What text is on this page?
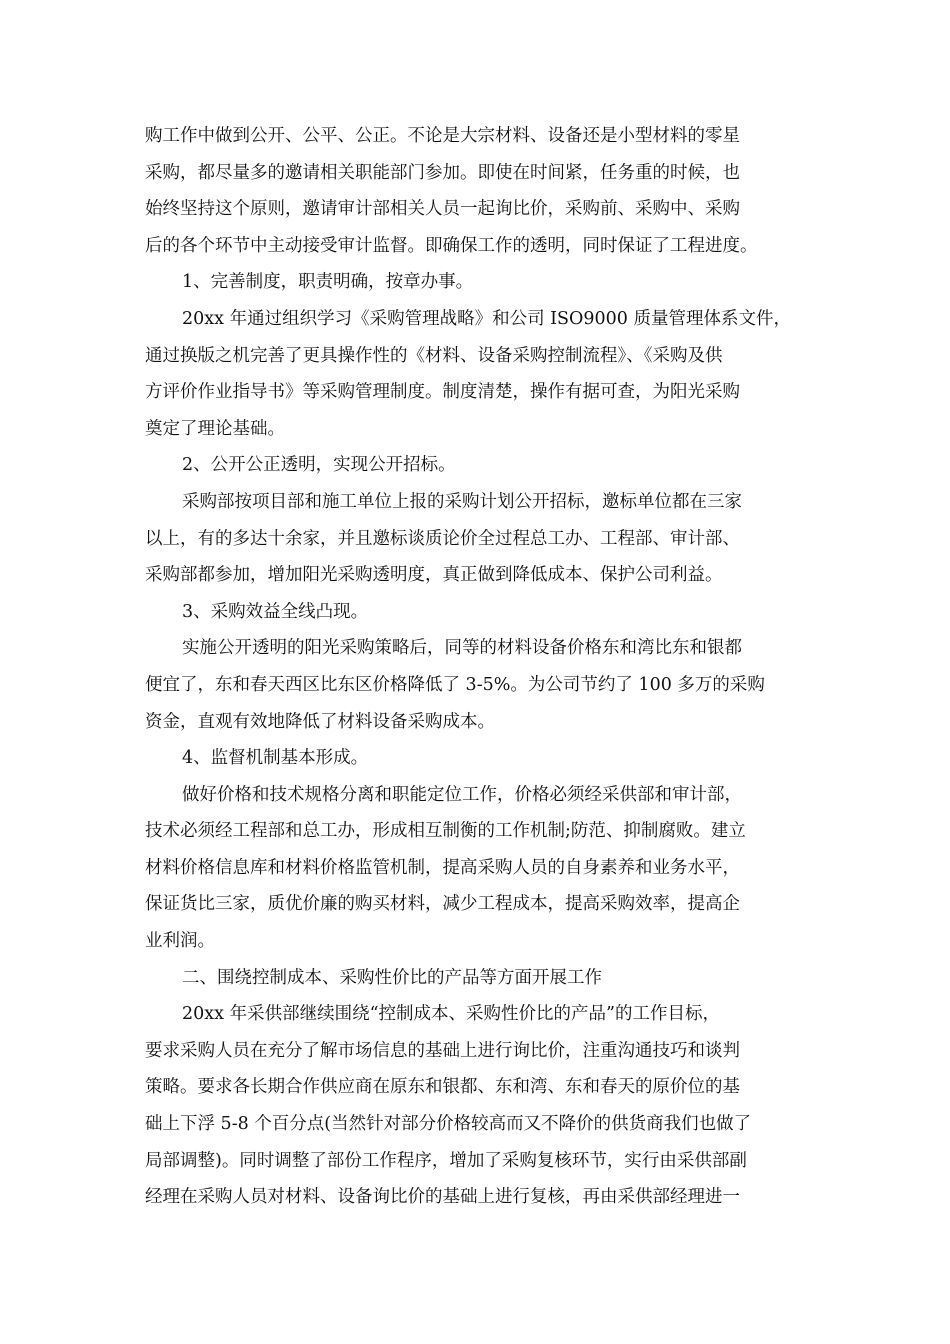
购工作中做到公开、公平、公正。不论是大宗材料、设备还是小型材料的零星
采购，都尽量多的邀请相关职能部门参加。即使在时间紧，任务重的时候，也
始终坚持这个原则，邀请审计部相关人员一起询比价，采购前、采购中、采购
后的各个环节中主动接受审计监督。即确保工作的透明，同时保证了工程进度。
1、完善制度，职责明确，按章办事。
20xx 年通过组织学习《采购管理战略》和公司 ISO9000 质量管理体系文件，
通过换版之机完善了更具操作性的《材料、设备采购控制流程》、《采购及供
方评价作业指导书》等采购管理制度。制度清楚，操作有据可查，为阳光采购
奠定了理论基础。
2、公开公正透明，实现公开招标。
采购部按项目部和施工单位上报的采购计划公开招标，邀标单位都在三家
以上，有的多达十余家，并且邀标谈质论价全过程总工办、工程部、审计部、
采购部都参加，增加阳光采购透明度，真正做到降低成本、保护公司利益。
3、采购效益全线凸现。
实施公开透明的阳光采购策略后，同等的材料设备价格东和湾比东和银都
便宜了，东和春天西区比东区价格降低了 3-5%。为公司节约了 100 多万的采购
资金，直观有效地降低了材料设备采购成本。
4、监督机制基本形成。
做好价格和技术规格分离和职能定位工作，价格必须经采供部和审计部，
技术必须经工程部和总工办，形成相互制衡的工作机制;防范、抑制腐败。建立
材料价格信息库和材料价格监管机制，提高采购人员的自身素养和业务水平，
保证货比三家，质优价廉的购买材料，减少工程成本，提高采购效率，提高企
业利润。
二、围绕控制成本、采购性价比的产品等方面开展工作
20xx 年采供部继续围绕“控制成本、采购性价比的产品”的工作目标，
要求采购人员在充分了解市场信息的基础上进行询比价，注重沟通技巧和谈判
策略。要求各长期合作供应商在原东和银都、东和湾、东和春天的原价位的基
础上下浮 5-8 个百分点(当然针对部分价格较高而又不降价的供货商我们也做了
局部调整)。同时调整了部份工作程序，增加了采购复核环节，实行由采供部副
经理在采购人员对材料、设备询比价的基础上进行复核，再由采供部经理进一
